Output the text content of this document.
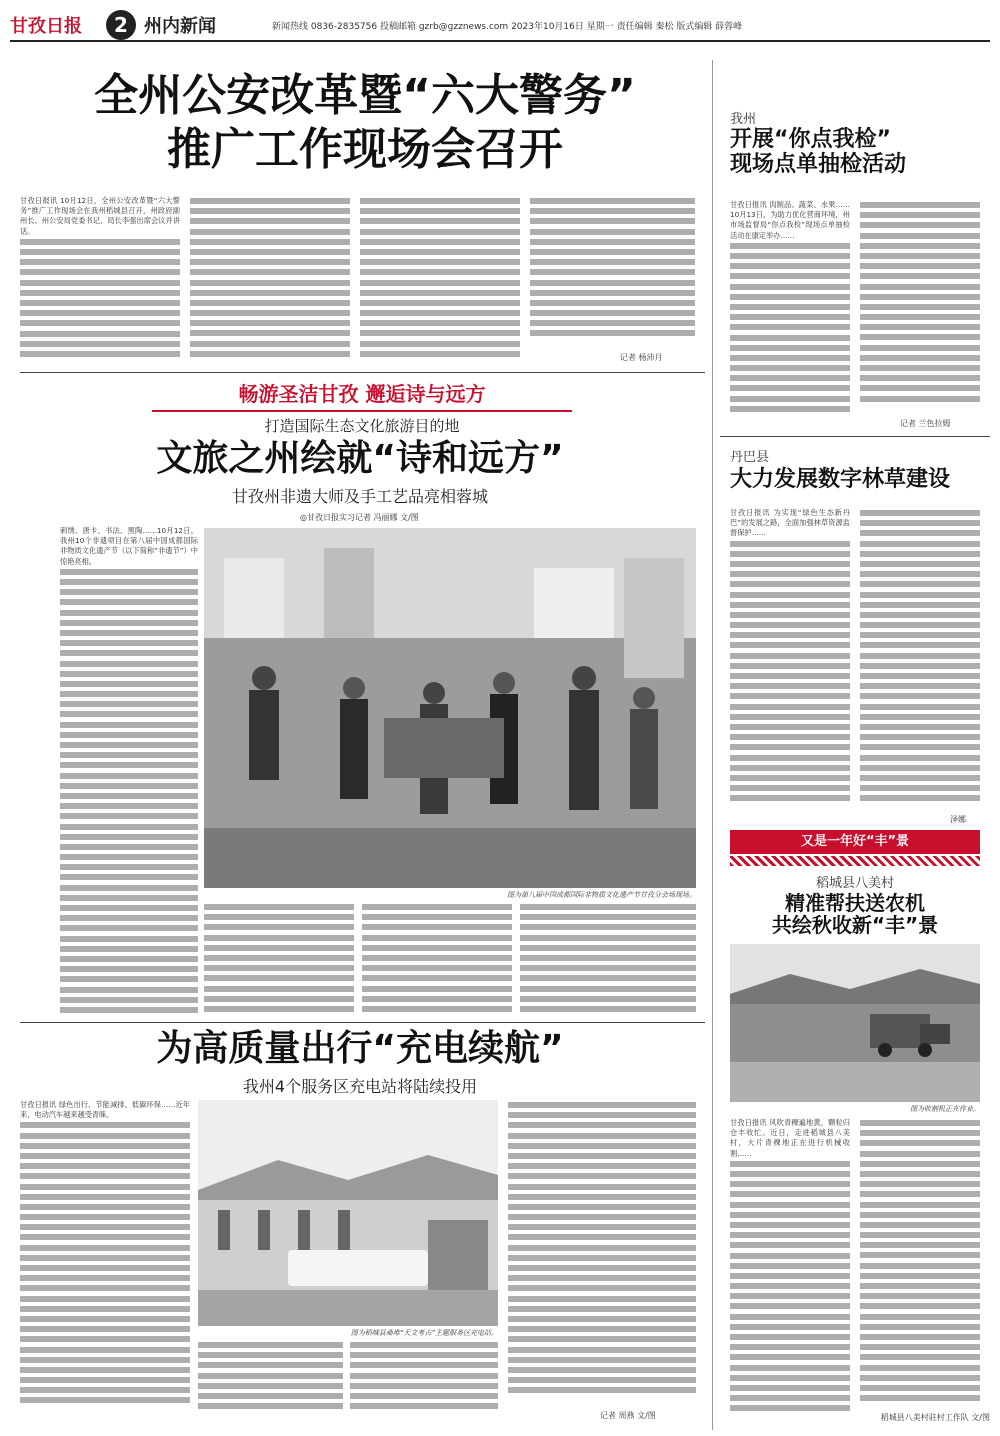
甘孜日报	2 州内新闻	新闻热线 0836-2835756 投稿邮箱 gzrb@gzznews.com 2023年10月16日 星期一 责任编辑 秦松 版式编辑 薛蓉峰
全州公安改革暨“六大警务”
推广工作现场会召开
甘孜日报讯 10月12日，全州公安改革暨“六大警务”推广工作现场会在我州稻城县召开，州政府副州长、州公安局党委书记、局长李强出席会议并讲话。
记者 杨沛月
我州
开展“你点我检”
现场点单抽检活动
甘孜日报讯 肉制品、蔬菜、水果……10月13日，为助力优化营商环境，州市场监督局“你点我检”现场点单抽检活动在康定举办……
记者 兰色拉姆
畅游圣洁甘孜 邂逅诗与远方
打造国际生态文化旅游目的地
文旅之州绘就“诗和远方”
甘孜州非遗大师及手工艺品亮相蓉城
◎甘孜日报实习记者 冯丽娜 文/图
刺绣、唐卡、书法、黑陶……10月12日，我州10个非遗项目在第八届中国成都国际非物质文化遗产节（以下简称“非遗节”）中惊艳亮相。
图为第八届中国成都国际非物质文化遗产节甘孜分会场现场。
丹巴县
大力发展数字林草建设
甘孜日报讯 为实现“绿色生态新丹巴”的发展之路，全面加强林草资源监督保护……
泽娜
又是一年好“丰”景
稻城县八美村
精准帮扶送农机
共绘秋收新“丰”景
图为收割机正在作业。
甘孜日报讯 风吹青稞遍地黄，颗粒归仓丰收忙。近日，走进稻城县八美村，大片青稞地正在进行机械收割……
稻城县八美村驻村工作队 文/图
为高质量出行“充电续航”
我州4个服务区充电站将陆续投用
甘孜日报讯 绿色出行、节能减排、低碳环保……近年来，电动汽车越来越受青睐。
图为稻城县桑堆“天文考古”主题服务区充电站。
记者 周燕 文/图
